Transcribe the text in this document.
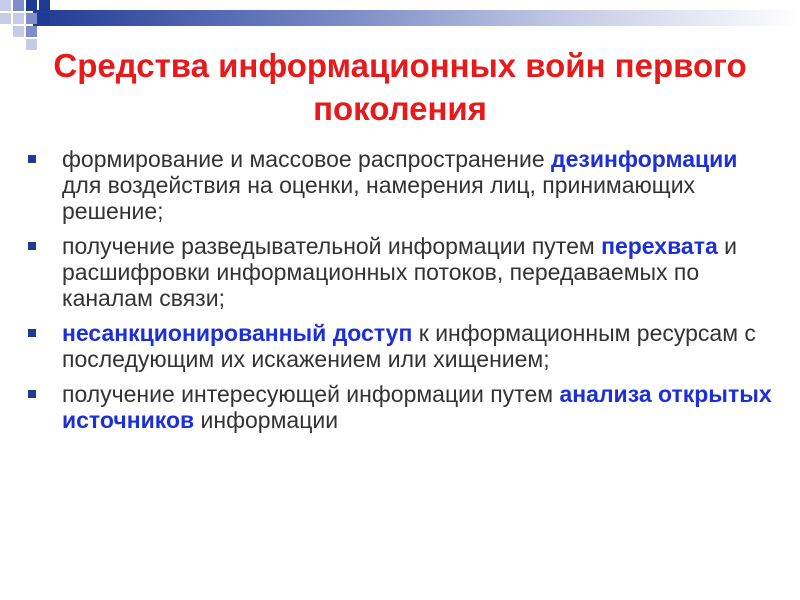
Средства информационных войн первого поколения
формирование и массовое распространение дезинформации для воздействия на оценки, намерения лиц, принимающих решение;
получение разведывательной информации путем перехвата и расшифровки информационных потоков, передаваемых по каналам связи;
несанкционированный доступ к информационным ресурсам с последующим их искажением или хищением;
получение интересующей информации путем анализа открытых источников информации
